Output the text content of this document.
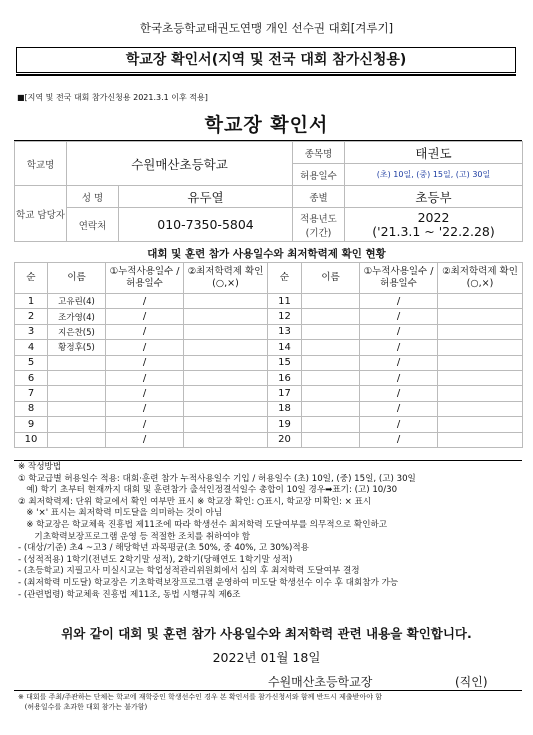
한국초등학교태권도연맹 개인 선수권 대회[겨루기]
학교장 확인서(지역 및 전국 대회 참가신청용)
■[지역 및 전국 대회 참가신청용 2021.3.1 이후 적용]
학교장 확인서
학교명	수원매산초등학교		종목명	태권도
			허용일수	(초) 10일, (중) 15일, (고) 30일
학교 담당자	성 명	유두열	종별	초등부
	연락처	010-7350-5804	적용년도 (기간)	2022
('21.3.1 ~ '22.2.28)
대회 및 훈련 참가 사용일수와 최저학력제 확인 현황
순	이름	①누적사용일수 /허용일수	②최저학력제 확인(○,×)	순	이름	①누적사용일수 /허용일수	②최저학력제 확인(○,×)
1	고유린(4)	/		11		/	
2	조가영(4)	/		12		/	
3	지은찬(5)	/		13		/	
4	황정후(5)	/		14		/	
5		/		15		/	
6		/		16		/	
7		/		17		/	
8		/		18		/	
9		/		19		/	
10		/		20		/	
※ 작성방법
① 학교급별 허용일수 적용: 대회·훈련 참가 누적사용일수 기입 / 허용일수 (초) 10일, (중) 15일, (고) 30일
예) 학기 초부터 현재까지 대회 및 훈련참가 출석인정결석일수 총합이 10일 경우➡표기: (고) 10/30
② 최저학력제: 단위 학교에서 확인 여부만 표시 ※ 학교장 확인: ○표시, 학교장 미확인: × 표시
※ '×' 표시는 최저학력 미도달을 의미하는 것이 아님
※ 학교장은 학교체육 진흥법 제11조에 따라 학생선수 최저학력 도달여부를 의무적으로 확인하고
기초학력보장프로그램 운영 등 적절한 조치를 취하여야 함
- (대상/기준) 초4 ~고3 / 해당학년 과목평균(초 50%, 중 40%, 고 30%)적용
- (성적적용) 1학기(전년도 2학기말 성적), 2학기(당해연도 1학기말 성적)
- (초등학교) 지필고사 미실시교는 학업성적관리위원회에서 심의 후 최저학력 도달여부 결정
- (최저학력 미도달) 학교장은 기초학력보장프로그램 운영하여 미도달 학생선수 이수 후 대회참가 가능
- (관련법령) 학교체육 진흥법 제11조, 동법 시행규칙 제6조
위와 같이 대회 및 훈련 참가 사용일수와 최저학력 관련 내용을 확인합니다.
2022년 01월 18일
수원매산초등학교장	(직인)
※ 대회를 주최/주관하는 단체는 학교에 재학중인 학생선수인 경우 본 확인서를 참가신청서와 함께 반드시 제출받아야 함
(허용일수를 초과한 대회 참가는 불가함)
